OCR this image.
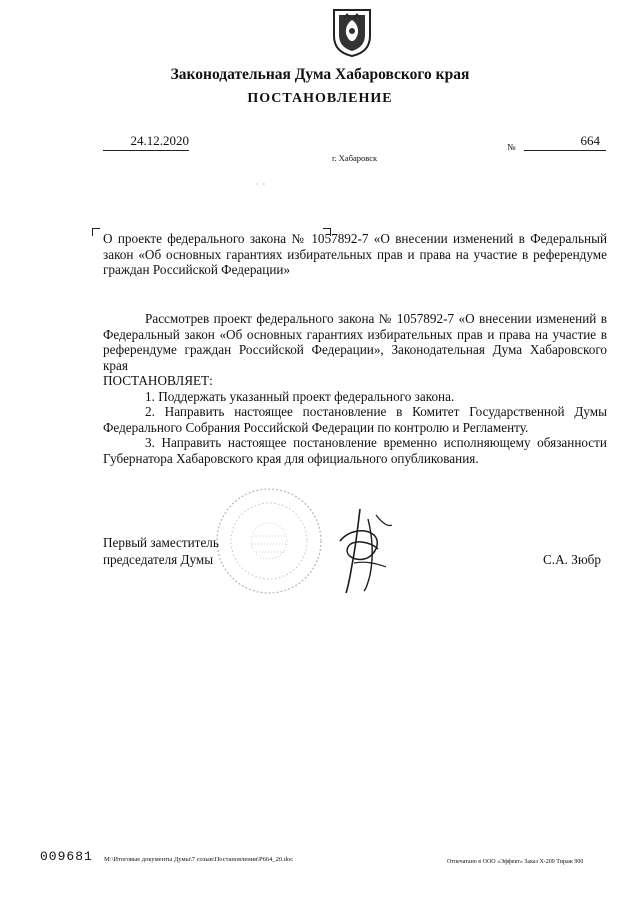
Законодательная Дума Хабаровского края
ПОСТАНОВЛЕНИЕ
24.12.2020	№	664
г. Хабаровск
· ·
О проекте федерального закона № 1057892-7 «О внесении изменений в Федеральный закон «Об основных гарантиях избирательных прав и права на участие в референдуме граждан Российской Федерации»

Рассмотрев проект федерального закона № 1057892-7 «О внесении изменений в Федеральный закон «Об основных гарантиях избирательных прав и права на участие в референдуме граждан Российской Федерации», Законодательная Дума Хабаровского края

ПОСТАНОВЛЯЕТ:

1. Поддержать указанный проект федерального закона.

2. Направить настоящее постановление в Комитет Государственной Думы Федерального Собрания Российской Федерации по контролю и Регламенту.

3. Направить настоящее постановление временно исполняющему обязанности Губернатора Хабаровского края для официального опубликования.

Первый заместитель
председателя Думы	С.А. Зюбр
009681 M:\Итоговые документы Думы\7 созыв\Постановления\P664_20.doc	Отпечатано в ООО «Эффект» Заказ X-209 Тираж 900
